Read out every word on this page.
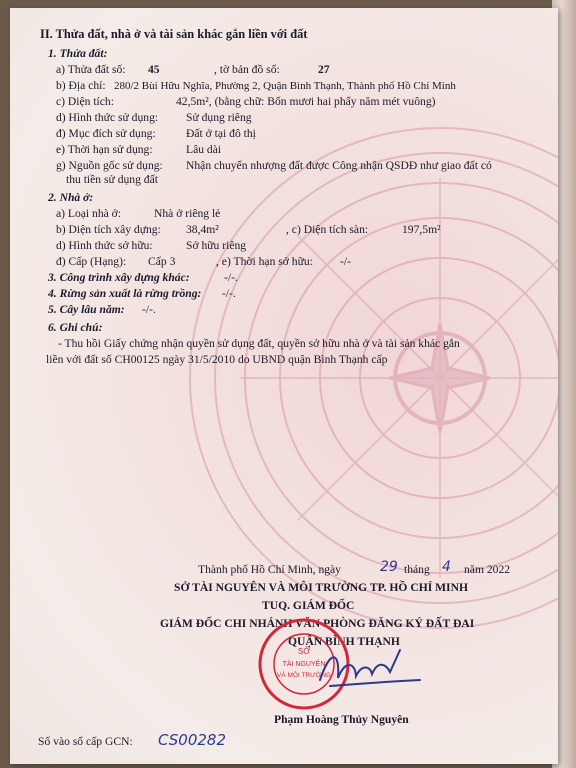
II. Thửa đất, nhà ở và tài sản khác gắn liền với đất
1. Thửa đất:
a) Thửa đất số: 45	, tờ bản đồ số:	27
b) Địa chỉ: 280/2 Bùi Hữu Nghĩa, Phường 2, Quận Bình Thạnh, Thành phố Hồ Chí Minh
c) Diện tích:	42,5m², (bằng chữ: Bốn mươi hai phẩy năm mét vuông)
d) Hình thức sử dụng: Sử dụng riêng
đ) Mục đích sử dụng:	Đất ở tại đô thị
e) Thời hạn sử dụng:	Lâu dài
g) Nguồn gốc sử dụng: Nhận chuyển nhượng đất được Công nhận QSDĐ như giao đất có
thu tiền sử dụng đất
2. Nhà ở:
a) Loại nhà ở:	Nhà ở riêng lẻ
b) Diện tích xây dựng: 38,4m²	, c) Diện tích sàn:	197,5m²
d) Hình thức sở hữu:	Sở hữu riêng
đ) Cấp (Hạng): Cấp 3	, e) Thời hạn sở hữu: -/-
3. Công trình xây dựng khác:	-/-.
4. Rừng sản xuất là rừng trồng: -/-.
5. Cây lâu năm: -/-.
6. Ghi chú:
- Thu hồi Giấy chứng nhận quyền sử dụng đất, quyền sở hữu nhà ở và tài sản khác gắn
liền với đất số CH00125 ngày 31/5/2010 do UBND quận Bình Thạnh cấp
Thành phố Hồ Chí Minh, ngày	29 tháng 4 năm 2022
SỞ TÀI NGUYÊN VÀ MÔI TRƯỜNG TP. HỒ CHÍ MINH
TUQ. GIÁM ĐỐC
GIÁM ĐỐC CHI NHÁNH VĂN PHÒNG ĐĂNG KÝ ĐẤT ĐAI
QUẬN BÌNH THẠNH
SỞ
TÀI NGUYÊN
VÀ MÔI TRƯỜNG
Phạm Hoàng Thủy Nguyên
Số vào sổ cấp GCN: CS00282
